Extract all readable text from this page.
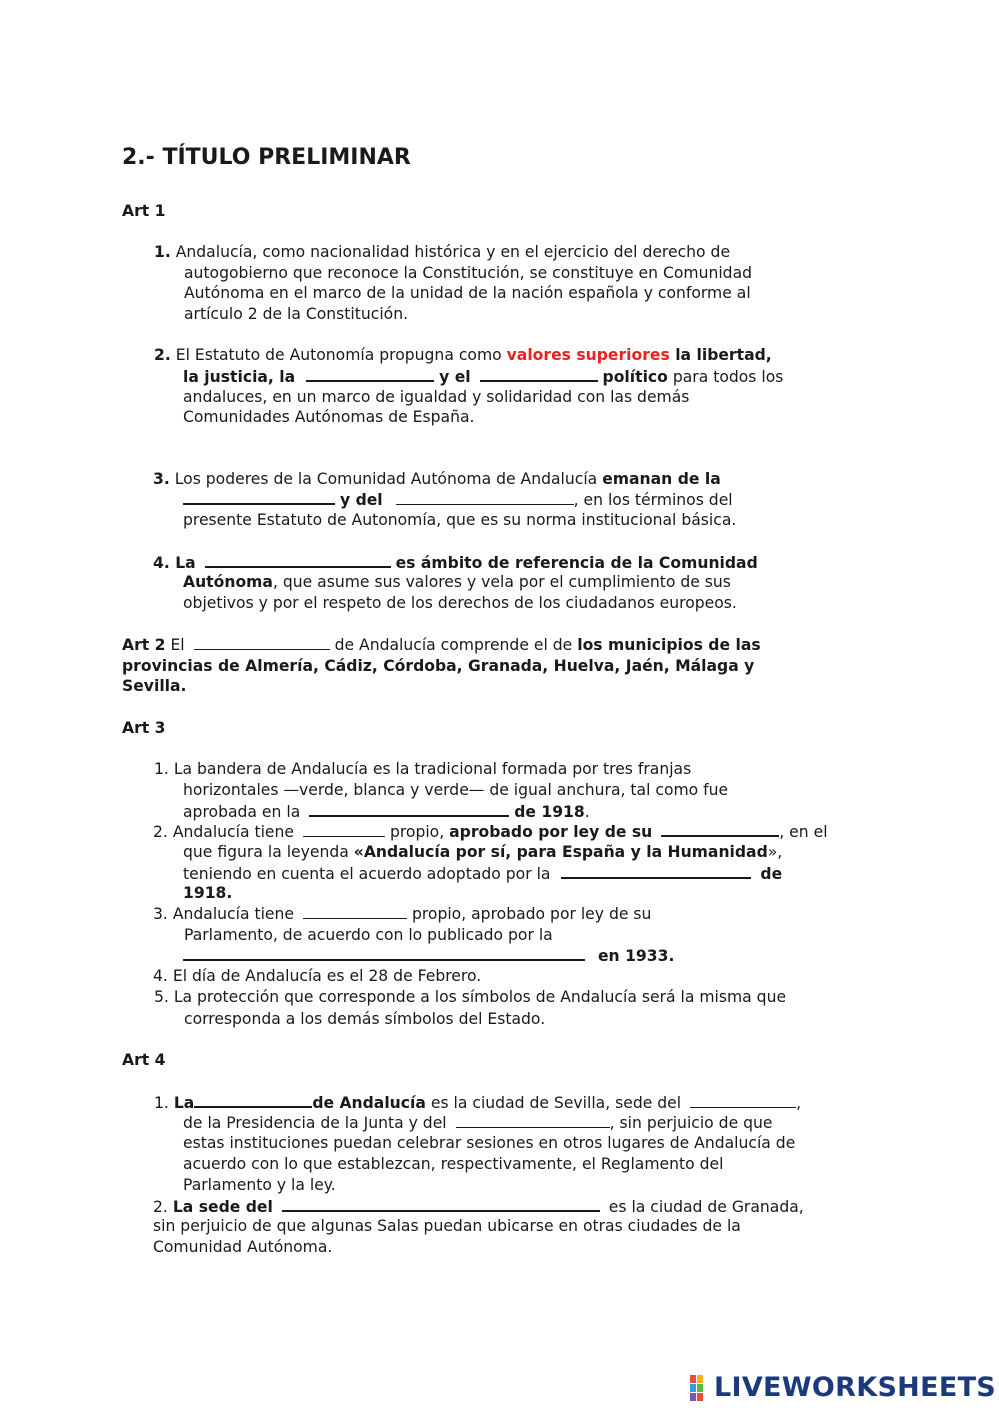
2.- TÍTULO PRELIMINAR
Art 1
1. Andalucía, como nacionalidad histórica y en el ejercicio del derecho de
autogobierno que reconoce la Constitución, se constituye en Comunidad
Autónoma en el marco de la unidad de la nación española y conforme al
artículo 2 de la Constitución.
2. El Estatuto de Autonomía propugna como valores superiores la libertad,
la justicia, la	y el	político para todos los
andaluces, en un marco de igualdad y solidaridad con las demás
Comunidades Autónomas de España.
3. Los poderes de la Comunidad Autónoma de Andalucía emanan de la
y del	, en los términos del
presente Estatuto de Autonomía, que es su norma institucional básica.
4. La	es ámbito de referencia de la Comunidad
Autónoma, que asume sus valores y vela por el cumplimiento de sus
objetivos y por el respeto de los derechos de los ciudadanos europeos.
Art 2 El	de Andalucía comprende el de los municipios de las
provincias de Almería, Cádiz, Córdoba, Granada, Huelva, Jaén, Málaga y
Sevilla.
Art 3
1. La bandera de Andalucía es la tradicional formada por tres franjas
horizontales —verde, blanca y verde— de igual anchura, tal como fue
aprobada en la	de 1918.
2. Andalucía tiene	propio, aprobado por ley de su	, en el
que figura la leyenda «Andalucía por sí, para España y la Humanidad»,
teniendo en cuenta el acuerdo adoptado por la	de
1918.
3. Andalucía tiene	propio, aprobado por ley de su
Parlamento, de acuerdo con lo publicado por la
en 1933.
4. El día de Andalucía es el 28 de Febrero.
5. La protección que corresponde a los símbolos de Andalucía será la misma que
corresponda a los demás símbolos del Estado.
Art 4
1. La	de Andalucía es la ciudad de Sevilla, sede del	,
de la Presidencia de la Junta y del	, sin perjuicio de que
estas instituciones puedan celebrar sesiones en otros lugares de Andalucía de
acuerdo con lo que establezcan, respectivamente, el Reglamento del
Parlamento y la ley.
2. La sede del	es la ciudad de Granada,
sin perjuicio de que algunas Salas puedan ubicarse en otras ciudades de la
Comunidad Autónoma.
LIVEWORKSHEETS
